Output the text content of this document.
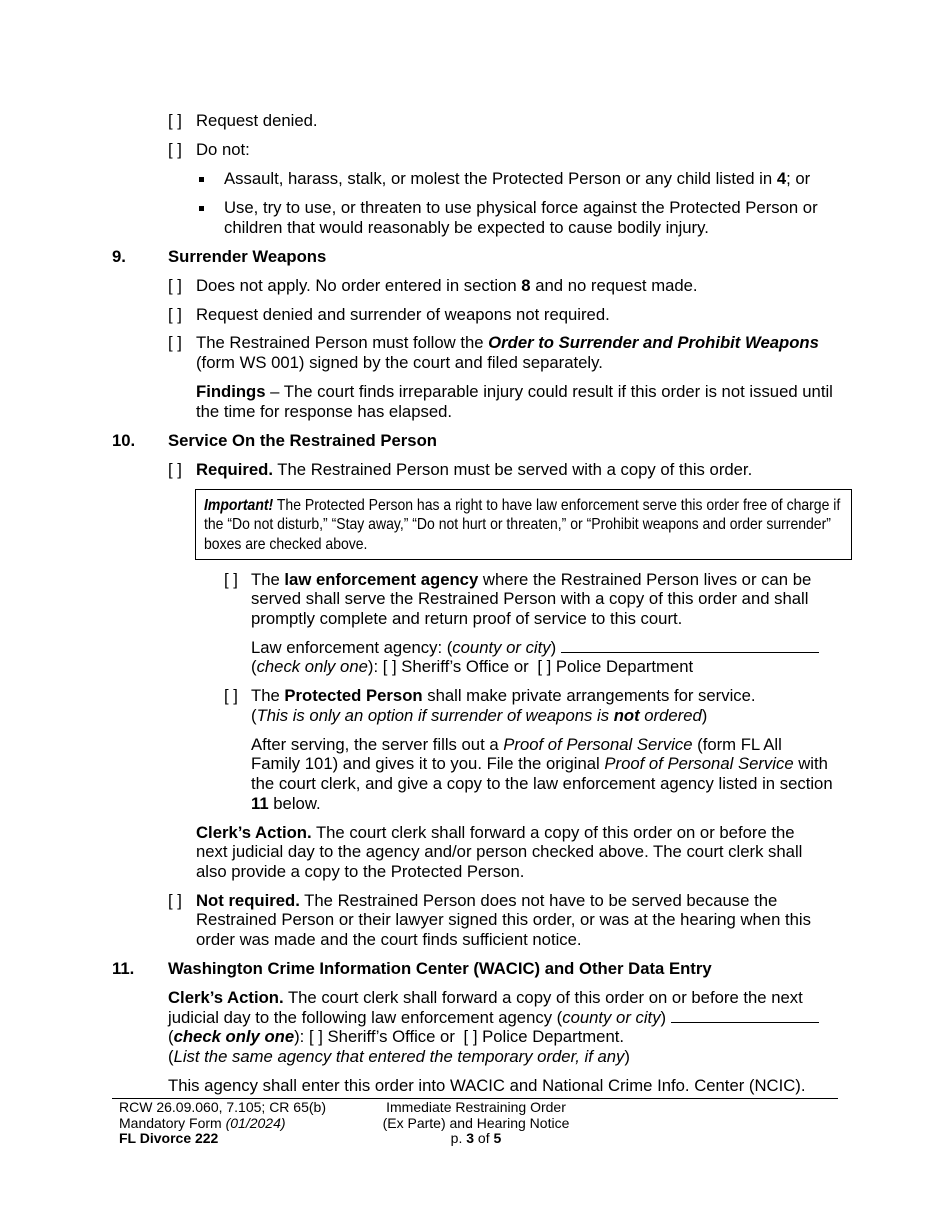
[ ] Request denied.
[ ] Do not:
Assault, harass, stalk, or molest the Protected Person or any child listed in 4; or
Use, try to use, or threaten to use physical force against the Protected Person or
children that would reasonably be expected to cause bodily injury.
9.	Surrender Weapons
[ ] Does not apply. No order entered in section 8 and no request made.
[ ] Request denied and surrender of weapons not required.
[ ] The Restrained Person must follow the Order to Surrender and Prohibit Weapons
(form WS 001) signed by the court and filed separately.
Findings – The court finds irreparable injury could result if this order is not issued until
the time for response has elapsed.
10. Service On the Restrained Person
[ ] Required. The Restrained Person must be served with a copy of this order.
Important! The Protected Person has a right to have law enforcement serve this order free of charge if
the “Do not disturb,” “Stay away,” “Do not hurt or threaten,” or “Prohibit weapons and order surrender”
boxes are checked above.
[ ] The law enforcement agency where the Restrained Person lives or can be
served shall serve the Restrained Person with a copy of this order and shall
promptly complete and return proof of service to this court.
Law enforcement agency: (county or city)
(check only one): [ ] Sheriff’s Office or [ ] Police Department
[ ] The Protected Person shall make private arrangements for service.
(This is only an option if surrender of weapons is not ordered)
After serving, the server fills out a Proof of Personal Service (form FL All
Family 101) and gives it to you. File the original Proof of Personal Service with
the court clerk, and give a copy to the law enforcement agency listed in section
11 below.
Clerk’s Action. The court clerk shall forward a copy of this order on or before the
next judicial day to the agency and/or person checked above. The court clerk shall
also provide a copy to the Protected Person.
[ ] Not required. The Restrained Person does not have to be served because the
Restrained Person or their lawyer signed this order, or was at the hearing when this
order was made and the court finds sufficient notice.
11. Washington Crime Information Center (WACIC) and Other Data Entry
Clerk’s Action. The court clerk shall forward a copy of this order on or before the next
judicial day to the following law enforcement agency (county or city)
(check only one): [ ] Sheriff’s Office or [ ] Police Department.
(List the same agency that entered the temporary order, if any)
This agency shall enter this order into WACIC and National Crime Info. Center (NCIC).
RCW 26.09.060, 7.105; CR 65(b)
Mandatory Form (01/2024)
FL Divorce 222
Immediate Restraining Order
(Ex Parte) and Hearing Notice
p. 3 of 5
